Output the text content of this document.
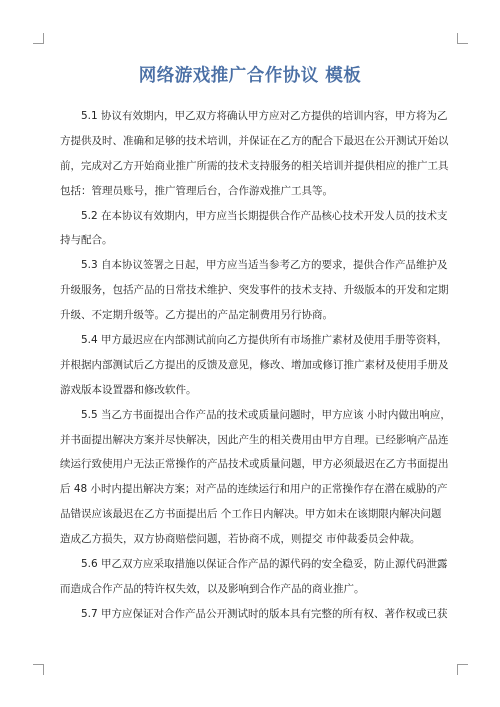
网络游戏推广合作协议 模板
5.1 协议有效期内，甲乙双方将确认甲方应对乙方提供的培训内容，甲方将为乙
方提供及时、准确和足够的技术培训，并保证在乙方的配合下最迟在公开测试开始以
前，完成对乙方开始商业推广所需的技术支持服务的相关培训并提供相应的推广工具
包括：管理员账号，推广管理后台，合作游戏推广工具等。
5.2 在本协议有效期内，甲方应当长期提供合作产品核心技术开发人员的技术支
持与配合。
5.3 自本协议签署之日起，甲方应当适当参考乙方的要求，提供合作产品维护及
升级服务，包括产品的日常技术维护、突发事件的技术支持、升级版本的开发和定期
升级、不定期升级等。乙方提出的产品定制费用另行协商。
5.4 甲方最迟应在内部测试前向乙方提供所有市场推广素材及使用手册等资料，
并根据内部测试后乙方提出的反馈及意见，修改、增加或修订推广素材及使用手册及
游戏版本设置器和修改软件。
5.5 当乙方书面提出合作产品的技术或质量问题时，甲方应该 小时内做出响应，
并书面提出解决方案并尽快解决，因此产生的相关费用由甲方自理。已经影响产品连
续运行致使用户无法正常操作的产品技术或质量问题，甲方必须最迟在乙方书面提出
后 48 小时内提出解决方案；对产品的连续运行和用户的正常操作存在潜在威胁的产
品错误应该最迟在乙方书面提出后 个工作日内解决。甲方如未在该期限内解决问题
造成乙方损失，双方协商赔偿问题，若协商不成，则提交 市仲裁委员会仲裁。
5.6 甲乙双方应采取措施以保证合作产品的源代码的安全稳妥，防止源代码泄露
而造成合作产品的特许权失效，以及影响到合作产品的商业推广。
5.7 甲方应保证对合作产品公开测试时的版本具有完整的所有权、著作权或已获
